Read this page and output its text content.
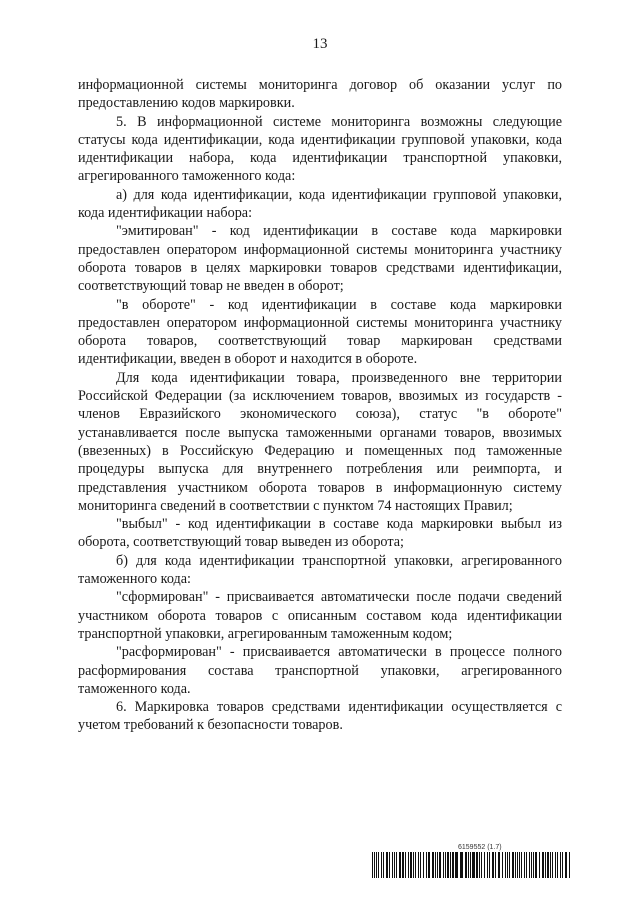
13

информационной системы мониторинга договор об оказании услуг по предоставлению кодов маркировки.

5. В информационной системе мониторинга возможны следующие статусы кода идентификации, кода идентификации групповой упаковки, кода идентификации набора, кода идентификации транспортной упаковки, агрегированного таможенного кода:

а) для кода идентификации, кода идентификации групповой упаковки, кода идентификации набора:

"эмитирован" - код идентификации в составе кода маркировки предоставлен оператором информационной системы мониторинга участнику оборота товаров в целях маркировки товаров средствами идентификации, соответствующий товар не введен в оборот;

"в обороте" - код идентификации в составе кода маркировки предоставлен оператором информационной системы мониторинга участнику оборота товаров, соответствующий товар маркирован средствами идентификации, введен в оборот и находится в обороте.

Для кода идентификации товара, произведенного вне территории Российской Федерации (за исключением товаров, ввозимых из государств - членов Евразийского экономического союза), статус "в обороте" устанавливается после выпуска таможенными органами товаров, ввозимых (ввезенных) в Российскую Федерацию и помещенных под таможенные процедуры выпуска для внутреннего потребления или реимпорта, и представления участником оборота товаров в информационную систему мониторинга сведений в соответствии с пунктом 74 настоящих Правил;

"выбыл" - код идентификации в составе кода маркировки выбыл из оборота, соответствующий товар выведен из оборота;

б) для кода идентификации транспортной упаковки, агрегированного таможенного кода:

"сформирован" - присваивается автоматически после подачи сведений участником оборота товаров с описанным составом кода идентификации транспортной упаковки, агрегированным таможенным кодом;

"расформирован" - присваивается автоматически в процессе полного расформирования состава транспортной упаковки, агрегированного таможенного кода.

6. Маркировка товаров средствами идентификации осуществляется с учетом требований к безопасности товаров.

6159552 (1.7)
